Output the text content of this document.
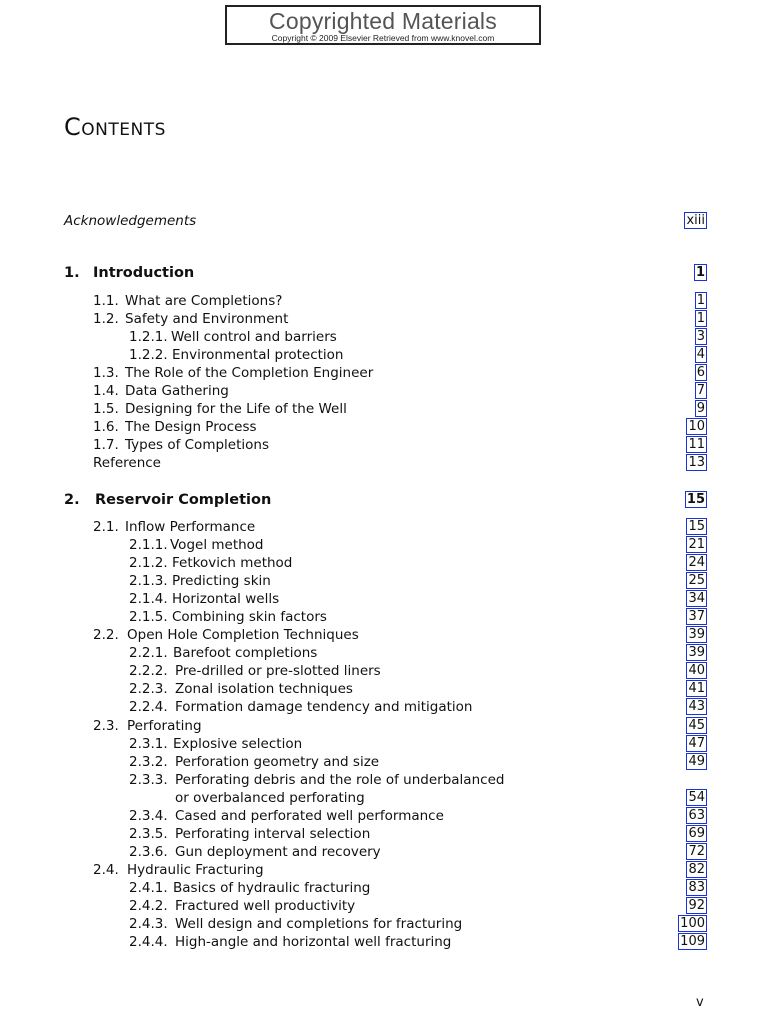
Copyrighted Materials
Copyright © 2009 Elsevier Retrieved from www.knovel.com
Contents
Acknowledgements	xiii
1. Introduction	1
1.1. What are Completions?	1
1.2. Safety and Environment	1
1.2.1. Well control and barriers	3
1.2.2. Environmental protection	4
1.3. The Role of the Completion Engineer	6
1.4. Data Gathering	7
1.5. Designing for the Life of the Well	9
1.6. The Design Process	10
1.7. Types of Completions	11
Reference	13
2. Reservoir Completion	15
2.1. Inflow Performance	15
2.1.1. Vogel method	21
2.1.2. Fetkovich method	24
2.1.3. Predicting skin	25
2.1.4. Horizontal wells	34
2.1.5. Combining skin factors	37
2.2. Open Hole Completion Techniques	39
2.2.1. Barefoot completions	39
2.2.2. Pre-drilled or pre-slotted liners	40
2.2.3. Zonal isolation techniques	41
2.2.4. Formation damage tendency and mitigation	43
2.3. Perforating	45
2.3.1. Explosive selection	47
2.3.2. Perforation geometry and size	49
2.3.3. Perforating debris and the role of underbalanced
or overbalanced perforating	54
2.3.4. Cased and perforated well performance	63
2.3.5. Perforating interval selection	69
2.3.6. Gun deployment and recovery	72
2.4. Hydraulic Fracturing	82
2.4.1. Basics of hydraulic fracturing	83
2.4.2. Fractured well productivity	92
2.4.3. Well design and completions for fracturing	100
2.4.4. High-angle and horizontal well fracturing	109
v
